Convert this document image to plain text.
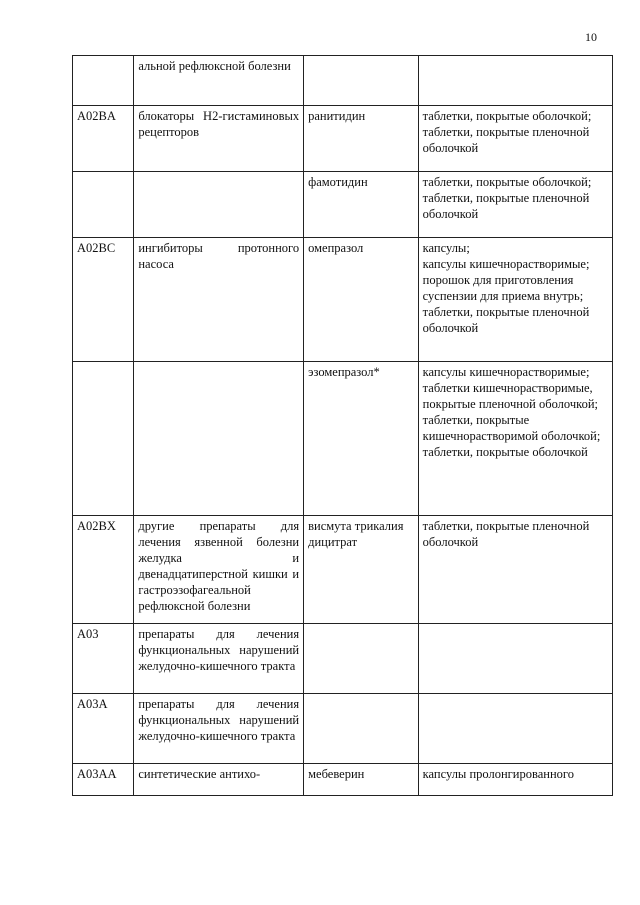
10
	альной рефлюксной болезни		
A02BA	блокаторы H2-гистаминовых рецепторов	ранитидин	таблетки, покрытые оболочкой;
таблетки, покрытые пленочной оболочкой

		фамотидин	таблетки, покрытые оболочкой;
таблетки, покрытые пленочной оболочкой

A02BC	ингибиторы протонного насоса	омепразол	капсулы;
капсулы кишечнорастворимые;
порошок для приготовления суспензии для приема внутрь;
таблетки, покрытые пленочной оболочкой

		эзомепразол*	капсулы кишечнорастворимые;
таблетки кишечнорастворимые, покрытые пленочной оболочкой;
таблетки, покрытые кишечнорастворимой оболочкой;
таблетки, покрытые оболочкой

A02BX	другие препараты для лечения язвенной болезни желудка и двенадцатиперстной кишки и гастроэзофагеальной рефлюксной болезни	висмута трикалия дицитрат	таблетки, покрытые пленочной оболочкой

A03	препараты для лечения функциональных нарушений желудочно-кишечного тракта		
A03A	препараты для лечения функциональных нарушений желудочно-кишечного тракта		
A03AA	синтетические антихо-	мебеверин	капсулы пролонгированного
